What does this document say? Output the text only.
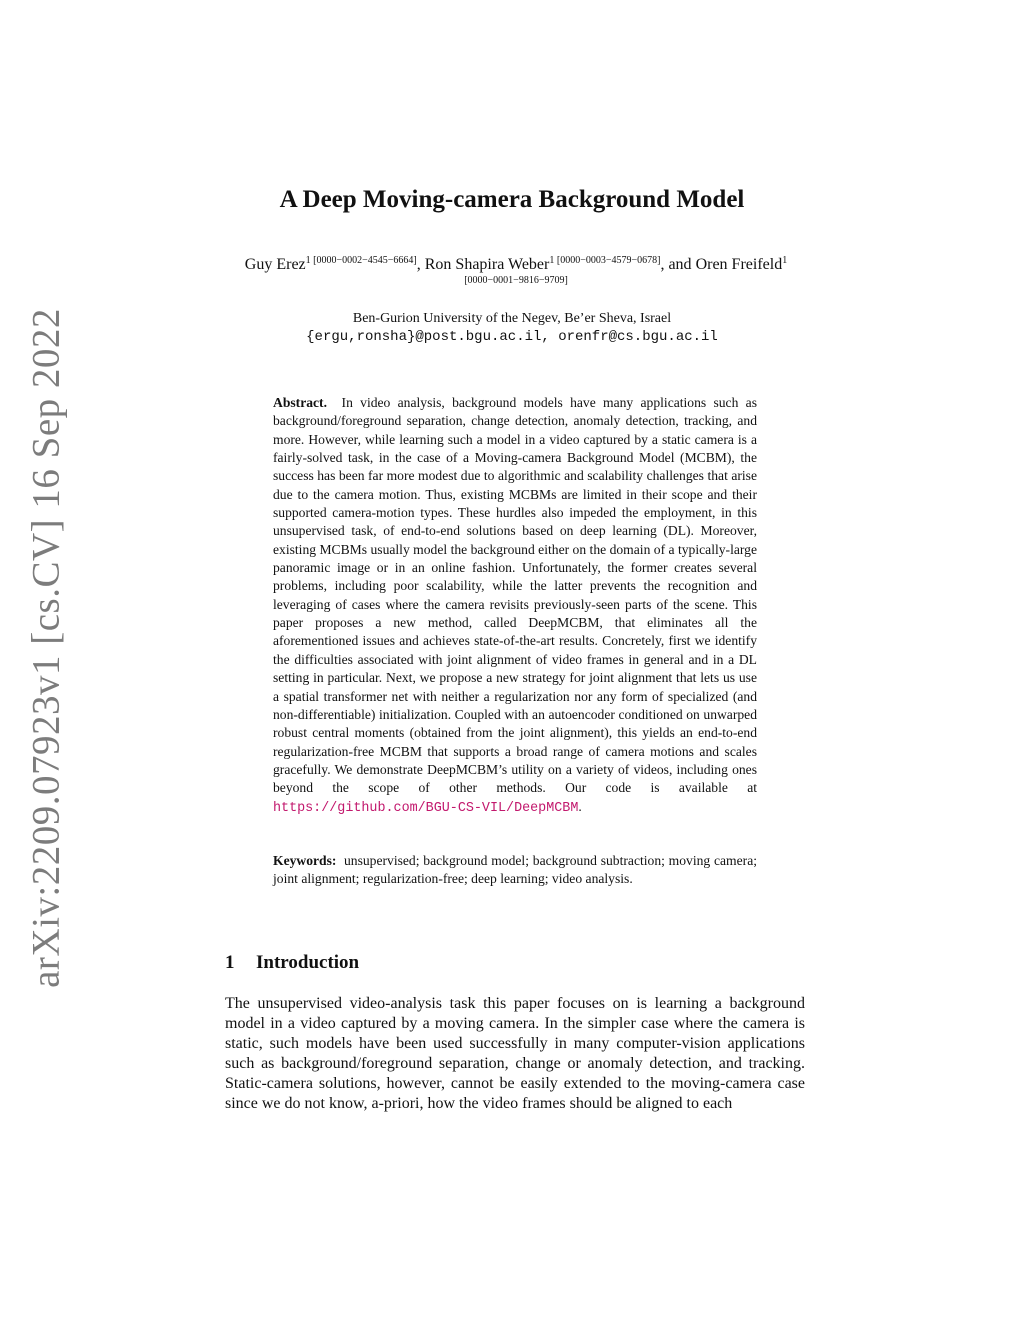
arXiv:2209.07923v1 [cs.CV] 16 Sep 2022
A Deep Moving-camera Background Model
Guy Erez$^{1 [0000-0002-4545-6664]}$, Ron Shapira Weber$^{1 [0000-0003-4579-0678]}$, and Oren Freifeld$^{1 [0000-0001-9816-9709]}$
Ben-Gurion University of the Negev, Be’er Sheva, Israel
{ergu,ronsha}@post.bgu.ac.il, orenfr@cs.bgu.ac.il

Abstract. In video analysis, background models have many applications such as background/foreground separation, change detection, anomaly detection, tracking, and more. However, while learning such a model in a video captured by a static camera is a fairly-solved task, in the case of a Moving-camera Background Model (MCBM), the success has been far more modest due to algorithmic and scalability challenges that arise due to the camera motion. Thus, existing MCBMs are limited in their scope and their supported camera-motion types. These hurdles also impeded the employment, in this unsupervised task, of end-to-end solutions based on deep learning (DL). Moreover, existing MCBMs usually model the background either on the domain of a typically-large panoramic image or in an online fashion. Unfortunately, the former creates several problems, including poor scalability, while the latter prevents the recognition and leveraging of cases where the camera revisits previously-seen parts of the scene. This paper proposes a new method, called DeepMCBM, that eliminates all the aforementioned issues and achieves state-of-the-art results. Concretely, first we identify the difficulties associated with joint alignment of video frames in general and in a DL setting in particular. Next, we propose a new strategy for joint alignment that lets us use a spatial transformer net with neither a regularization nor any form of specialized (and non-differentiable) initialization. Coupled with an autoencoder conditioned on unwarped robust central moments (obtained from the joint alignment), this yields an end-to-end regularization-free MCBM that supports a broad range of camera motions and scales gracefully. We demonstrate DeepMCBM’s utility on a variety of videos, including ones beyond the scope of other methods. Our code is available at https://github.com/BGU-CS-VIL/DeepMCBM.

Keywords: unsupervised; background model; background subtraction; moving camera; joint alignment; regularization-free; deep learning; video analysis.

1 Introduction

The unsupervised video-analysis task this paper focuses on is learning a background model in a video captured by a moving camera. In the simpler case where the camera is static, such models have been used successfully in many computer-vision applications such as background/foreground separation, change or anomaly detection, and tracking. Static-camera solutions, however, cannot be easily extended to the moving-camera case since we do not know, a-priori, how the video frames should be aligned to each
